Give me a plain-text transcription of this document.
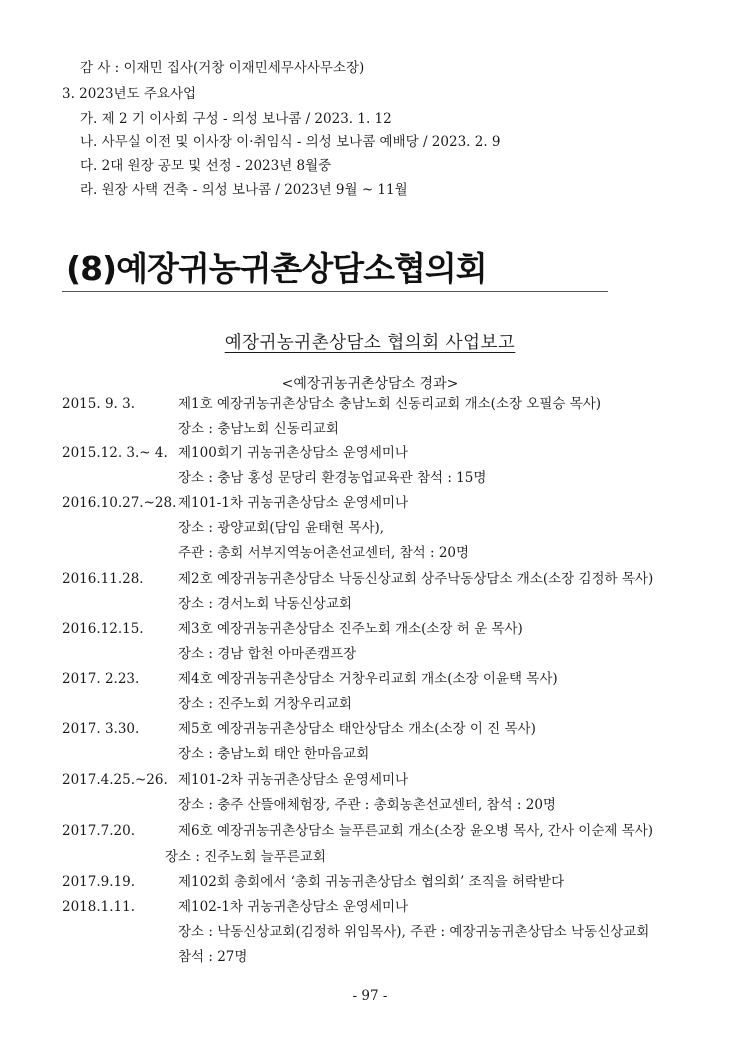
감 사 : 이재민 집사(거창 이재민세무사사무소장)
3. 2023년도 주요사업
가. 제 2 기 이사회 구성 - 의성 보나콤 / 2023. 1. 12
나. 사무실 이전 및 이사장 이·취임식 - 의성 보나콤 예배당 / 2023. 2. 9
다. 2대 원장 공모 및 선정 - 2023년 8월중
라. 원장 사택 건축 - 의성 보나콤 / 2023년 9월 ~ 11월
(8)예장귀농귀촌상담소협의회
예장귀농귀촌상담소 협의회 사업보고
<예장귀농귀촌상담소 경과>
2015. 9. 3.	제1호 예장귀농귀촌상담소 충남노회 신동리교회 개소(소장 오필승 목사)
장소 : 충남노회 신동리교회
2015.12. 3.~ 4. 제100회기 귀농귀촌상담소 운영세미나
장소 : 충남 홍성 문당리 환경농업교육관 참석 : 15명
2016.10.27.~28. 제101-1차 귀농귀촌상담소 운영세미나
장소 : 광양교회(담임 윤태현 목사),
주관 : 총회 서부지역농어촌선교센터, 참석 : 20명
2016.11.28.	제2호 예장귀농귀촌상담소 낙동신상교회 상주낙동상담소 개소(소장 김정하 목사)
장소 : 경서노회 낙동신상교회
2016.12.15.	제3호 예장귀농귀촌상담소 진주노회 개소(소장 허 운 목사)
장소 : 경남 합천 아마존캠프장
2017. 2.23.	제4호 예장귀농귀촌상담소 거창우리교회 개소(소장 이윤택 목사)
장소 : 진주노회 거창우리교회
2017. 3.30.	제5호 예장귀농귀촌상담소 태안상담소 개소(소장 이 진 목사)
장소 : 충남노회 태안 한마음교회
2017.4.25.~26. 제101-2차 귀농귀촌상담소 운영세미나
장소 : 충주 산뜰애체험장, 주관 : 총회농촌선교센터, 참석 : 20명
2017.7.20.	제6호 예장귀농귀촌상담소 늘푸른교회 개소(소장 윤오병 목사, 간사 이순제 목사)
장소 : 진주노회 늘푸른교회
2017.9.19.	제102회 총회에서 ‘총회 귀농귀촌상담소 협의회’ 조직을 허락받다
2018.1.11.	제102-1차 귀농귀촌상담소 운영세미나
장소 : 낙동신상교회(김정하 위임목사), 주관 : 예장귀농귀촌상담소 낙동신상교회
참석 : 27명
- 97 -
